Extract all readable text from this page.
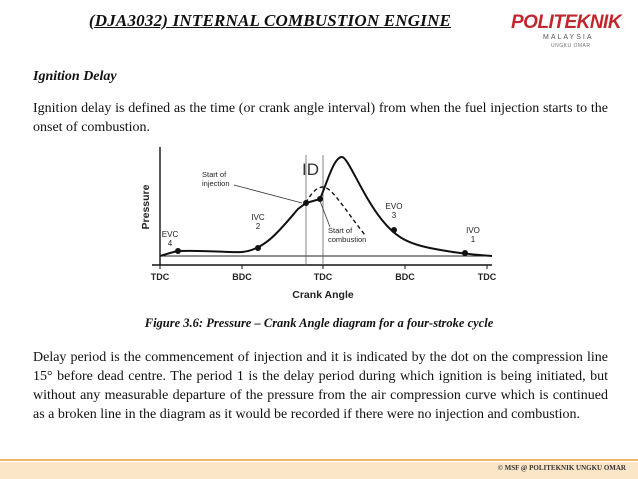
(DJA3032) INTERNAL COMBUSTION ENGINE	POLITEKNIK
MALAYSIA
UNGKU OMAR
Ignition Delay
Ignition delay is defined as the time (or crank angle interval) from when the fuel injection starts to the onset of combustion.
TDC	BDC	TDC	BDC	TDC
Crank Angle
Pressure
ID
Start of
injection
Start of
combustion
EVC
4
IVC
2
EVO
3
IVO
1
Figure 3.6: Pressure – Crank Angle diagram for a four-stroke cycle
Delay period is the commencement of injection and it is indicated by the dot on the compression line 15° before dead centre. The period 1 is the delay period during which ignition is being initiated, but without any measurable departure of the pressure from the air compression curve which is continued as a broken line in the diagram as it would be recorded if there were no injection and combustion.
© MSF @ POLITEKNIK UNGKU OMAR
